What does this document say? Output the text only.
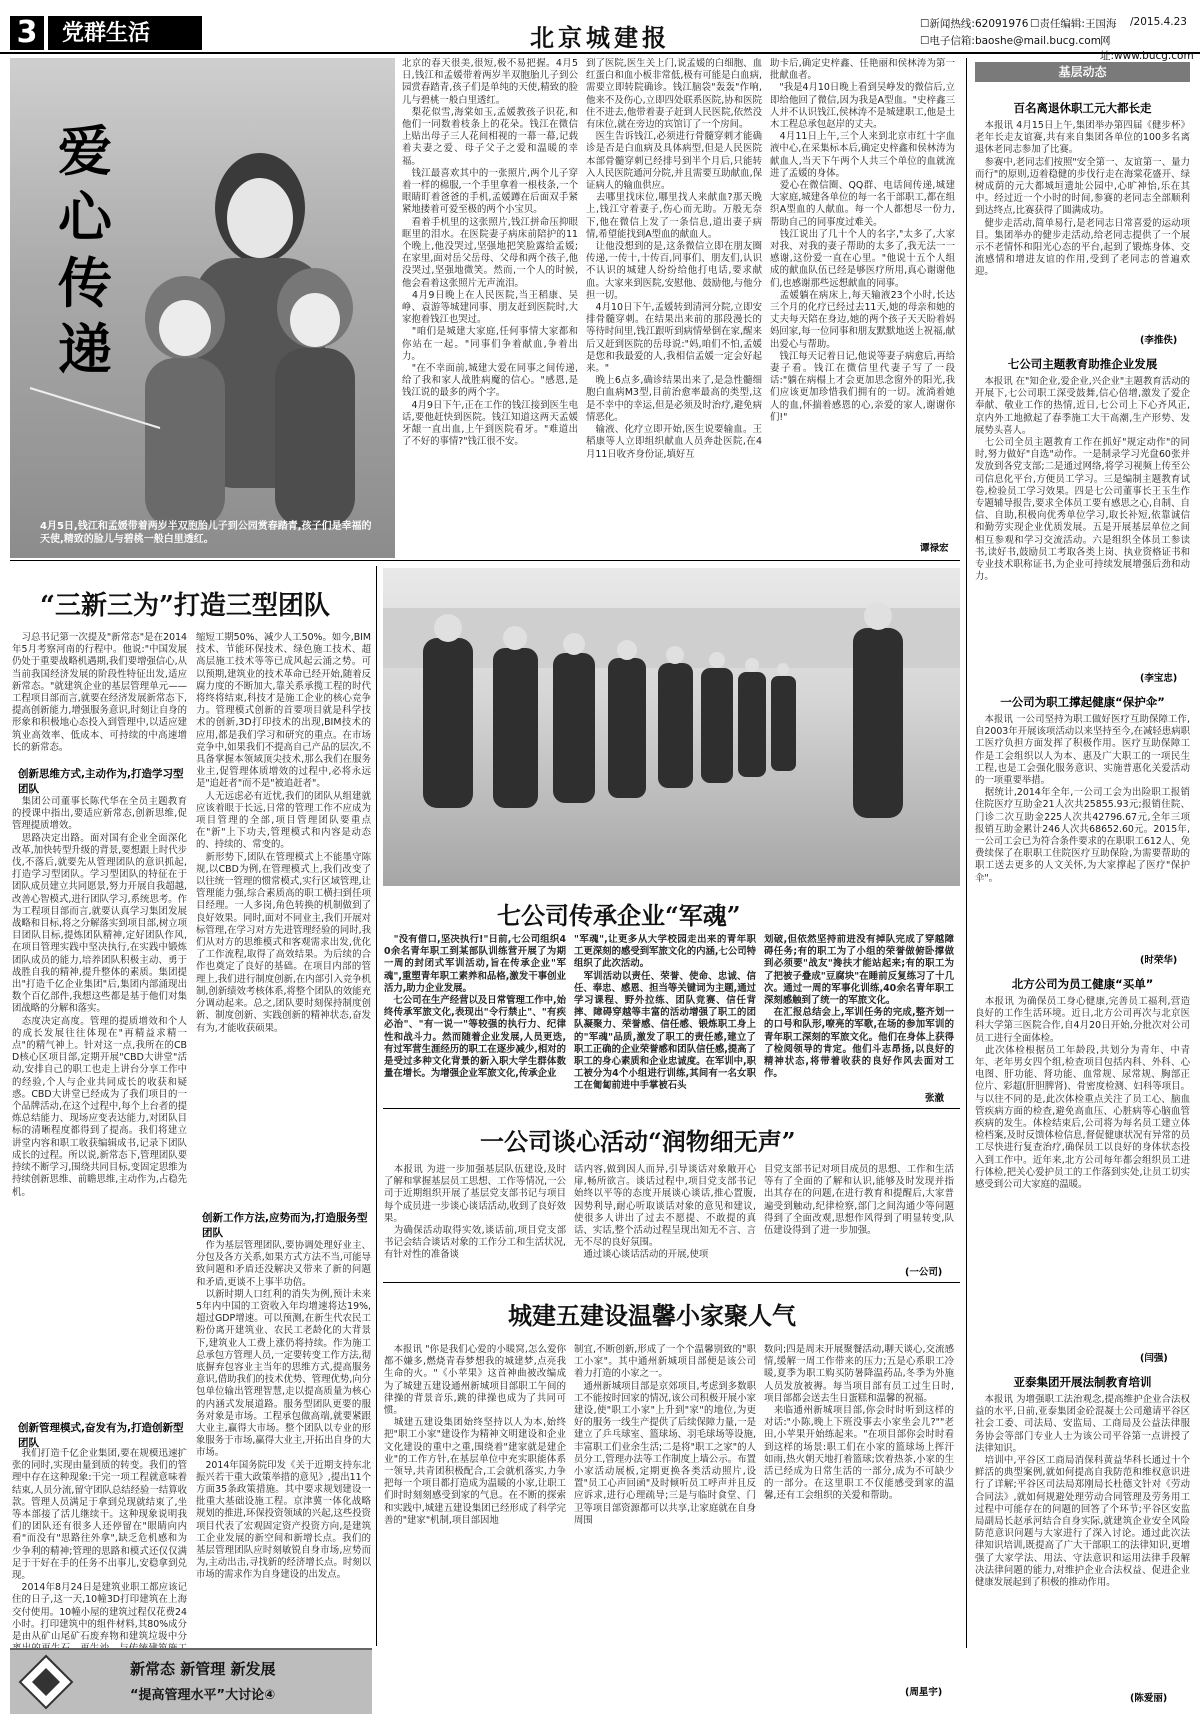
3	党群生活	北京城建报	☐新闻热线:62091976 ☐责任编辑:王国海 /2015.4.23
☐电子信箱:baoshe@mail.bucg.com 网址:www.bucg.com
爱
心
传
递
4月5日,钱江和孟媛带着两岁半双胞胎儿子到公园赏春踏青,孩子们是幸福的天使,精致的脸儿与碧桃一般白里透红。
北京的春天很美,很短,极不易把握。4月5日,钱江和孟媛带着两岁半双胞胎儿子到公园赏春踏青,孩子们是单纯的天使,精致的脸儿与碧桃一般白里透红。
　梨花似雪,海棠如玉,孟媛教孩子识花,和他们一同数着枝条上的花朵。钱江在微信上贴出母子三人花间相视的一幕一幕,记载着夫妻之爱、母子父子之爱和温暖的幸福。
　钱江最喜欢其中的一张照片,两个儿子穿着一样的棉服,一个手里拿着一根枝条,一个眼睛盯着爸爸的手机,孟媛蹲在后面双手紧紧地搂着可爱至极的两个小宝贝。
　看着手机里的这张照片,钱江拼命压抑眼眶里的泪水。在医院妻子病床前陪护的11个晚上,他没哭过,坚强地把笑脸露给孟媛;在家里,面对岳父岳母、父母和两个孩子,他没哭过,坚强地微笑。然而,一个人的时候,他会看着这张照片无声流泪。
　4月9日晚上在人民医院,当王稻康、吴峥、袁游等城建同事、朋友赶到医院时,大家抱着钱江也哭过。
　"咱们是城建大家庭,任何事情大家都和你站在一起。"同事们争着献血,争着出力。
　"在不幸面前,城建大爱在同事之间传递,给了我和家人战胜病魔的信心。"感恩,是钱江说的最多的两个字。
　4月9日下午,正在工作的钱江接到医生电话,要他赶快到医院。钱江知道这两天孟媛牙龈一直出血,上午到医院看牙。"难道出了不好的事情?"钱江很不安。
到了医院,医生关上门,说孟媛的白细胞、血红蛋白和血小板非常低,极有可能是白血病,需要立即转院确诊。钱江脑袋"轰轰"作响,他来不及伤心,立即四处联系医院,协和医院住不进去,他带着妻子赶到人民医院,依然没有床位,就在旁边的宾馆订了一个房间。
　医生告诉钱江,必须进行骨髓穿刺才能确诊是否是白血病及具体病型,但是人民医院本部骨髓穿刺已经排号到半个月后,只能转入人民医院通河分院,并且需要互助献血,保证病人的输血供应。
　去哪里找床位,哪里找人来献血?那天晚上,钱江守着妻子,伤心而无助。万般无奈下,他在微信上发了一条信息,道出妻子病情,希望能找到A型血的献血人。
　让他没想到的是,这条微信立即在朋友圈传递,一传十,十传百,同事们、朋友们,认识不认识的城建人纷纷给他打电话,要求献血。大家来到医院,安慰他、鼓励他,与他分担一切。
　4月10日下午,孟媛转到清河分院,立即安排骨髓穿刺。在结果出来前的那段漫长的等待时间里,钱江跟听到病情晕倒在家,醒来后又赶到医院的岳母说:"妈,咱们不怕,孟媛是您和我最爱的人,我相信孟媛一定会好起来。"
　晚上6点多,确诊结果出来了,是急性髓细胞白血病M3型,目前治愈率最高的类型,这是不幸中的幸运,但是必须及时治疗,避免病情恶化。
　输液、化疗立即开始,医生说要输血。王稻康等人立即组织献血人员奔赴医院,在4月11日收齐身份证,填好互
助卡后,确定史梓鑫、任艳丽和侯林涛为第一批献血者。
　"我是4月10日晚上看到吴峥发的微信后,立即给他回了微信,因为我是A型血。"史梓鑫三人并不认识钱江,侯林涛不是城建职工,他是土木工程总承包赵岸的丈夫。
　4月11日上午,三个人来到北京市红十字血液中心,在采集标本后,确定史梓鑫和侯林涛为献血人,当天下午两个人共三个单位的血就流进了孟媛的身体。
　爱心在微信圈、QQ群、电话间传递,城建大家庭,城建各单位的每一名干部职工,都在组织A型血的人献血。每一个人都想尽一份力,帮助自己的同事度过难关。
　钱江说出了几十个人的名字,"太多了,大家对我、对我的妻子帮助的太多了,我无法一一感谢,这份爱一直在心里。"他说十五个人组成的献血队伍已经是够医疗所用,真心谢谢他们,也感谢那些远想献血的同事。
　孟媛躺在病床上,每天输液23个小时,长达三个月的化疗已经过去11天,她的母亲和她的丈夫每天陪在身边,她的两个孩子天天盼着妈妈回家,每一位同事和朋友默默地送上祝福,献出爱心与帮助。
　钱江每天记着日记,他说等妻子病愈后,再给妻子看。钱江在微信里代妻子写了一段话:"躺在病榻上才会更加思念窗外的阳光,我们应该更加珍惜我们拥有的一切。流淌着她人的血,怀揣着感恩的心,亲爱的家人,谢谢你们!"
谭禄宏
基层动态
百名离退休职工元大都长走
　本报讯 4月15日上午,集团举办第四届《健步杯》老年长走友谊赛,共有来自集团各单位的100多名离退休老同志参加了比赛。
　参赛中,老同志们按照"安全第一、友谊第一、量力而行"的原则,迈着稳健的步伐行走在海棠花盛开、绿树成荫的元大都城垣遗址公园中,心旷神怡,乐在其中。经过近一个小时的时间,参赛的老同志全部顺利到达终点,比赛获得了圆满成功。
　健步走活动,简单易行,是老同志日常喜爱的运动项目。集团举办的健步走活动,给老同志提供了一个展示不老情怀和阳光心态的平台,起到了锻炼身体、交流感情和增进友谊的作用,受到了老同志的普遍欢迎。
(李推佚)
七公司主题教育助推企业发展
　本报讯 在"知企业,爱企业,兴企业"主题教育活动的开展下,七公司职工深受鼓舞,信心倍增,激发了爱企奉献、敬业工作的热情,近日,七公司上下心齐风正,京内外工地掀起了春季施工大干高潮,生产形势、发展势头喜人。
　七公司全员主题教育工作在抓好"规定动作"的同时,努力做好"自选"动作。一是制录学习光盘60张并发放到各党支部;二是通过网络,将学习视频上传至公司信息化平台,方便员工学习。三是编制主题教育试卷,检验员工学习效果。四是七公司董事长王玉生作专题辅导报告,要求全体员工要有感思之心,自制、自信、自助,积极向优秀单位学习,取长补短,依靠诚信和勤劳实现企业优质发展。五是开展基层单位之间相互参观和学习交流活动。六是组织全体员工参读书,读好书,鼓励员工考取各类上岗、执业资格证书和专业技术职称证书,为企业可持续发展增强后劲和动力。
(李宝忠)
一公司为职工撑起健康“保护伞”
　本报讯 一公司坚持为职工做好医疗互助保障工作,自2003年开展该项活动以来坚持至今,在减轻患病职工医疗负担方面发挥了积极作用。医疗互助保障工作是工会组织以人为本、惠及广大职工的一项民生工程,也是工会强化服务意识、实施普惠化关爱活动的一项重要举措。
　据统计,2014年全年,一公司工会为出险职工报销住院医疗互助金21人次共25855.93元;报销住院、门诊二次互助金225人次共42796.67元,全年三项报销互助金累计246人次共68652.60元。2015年,一公司工会已为符合条件要求的在职职工612人、免费续保了在职职工住院医疗互助保险,为需要帮助的职工送去更多的人文关怀,为大家撑起了医疗"保护伞"。
(时荣华)
北方公司为员工健康“买单”
　本报讯 为确保员工身心健康,完善员工福利,营造良好的工作生活环境。近日,北方公司再次与北京医科大学第三医院合作,自4月20日开始,分批次对公司员工进行全面体检。
　此次体检根据员工年龄段,共划分为青年、中青年、老年男女四个组,检查项目包括内科、外科、心电图、肝功能、肾功能、血常规、尿常规、胸部正位片、彩超(肝胆脾肾)、骨密度检测、妇科等项目。与以往不同的是,此次体检重点关注了员工心、脑血管疾病方面的检查,避免高血压、心脏病等心脑血管疾病的发生。体检结束后,公司将为每名员工建立体检档案,及时反馈体检信息,督促健康状况有异常的员工尽快进行复查治疗,确保员工以良好的身体状态投入到工作中。近年来,北方公司每年都会组织员工进行体检,把关心爱护员工的工作落到实处,让员工切实感受到公司大家庭的温暖。
(闫强)
亚泰集团开展法制教育培训
　本报讯 为增强职工法治观念,提高维护企业合法权益的水平,日前,亚泰集团金砼混凝土公司邀请平谷区社会工委、司法局、安监局、工商局及公益法律服务协会等部门专业人士为该公司平谷第一点讲授了法律知识。
　培训中,平谷区工商局消保科黄益华科长通过十个鲜活的典型案例,就如何提高自我防范和维权意识进行了详解;平谷区司法局郑刚局长杜德文针对《劳动合同法》,就如何规避处理劳动合同管理及劳务用工过程中可能存在的问题的回答了个环节;平谷区安监局副局长赵承河结合自身实际,就建筑企业安全风险防范意识问题与大家进行了深入讨论。通过此次法律知识培训,既提高了广大干部职工的法律知识,更增强了大家学法、用法、守法意识和运用法律手段解决法律问题的能力,对维护企业合法权益、促进企业健康发展起到了积极的推动作用。
(陈爱丽)
“三新三为”打造三型团队
　习总书记第一次提及"新常态"是在2014年5月考察河南的行程中。他说:"中国发展仍处于重要战略机遇期,我们要增强信心,从当前我国经济发展的阶段性特征出发,适应新常态。"就建筑企业的基层管理单元——工程项目部而言,就要在经济发展新常态下,提高创新能力,增强服务意识,时刻让自身的形象和积极地心态投入到管理中,以适应建筑业高效率、低成本、可持续的中高速增长的新常态。
创新思维方式,主动作为,打造学习型团队
　集团公司董事长陈代华在全员主题教育的授课中指出,要适应新常态,创新思维,促管理提质增效。
　思路决定出路。面对国有企业全面深化改革,加快转型升级的背景,要想跟上时代步伐,不落后,就要先从管理团队的意识抓起,打造学习型团队。学习型团队的特征在于团队成员建立共同愿景,努力开展自我超越,改善心智模式,进行团队学习,系统思考。作为工程项目部而言,就要认真学习集团发展战略和目标,将之分解落实到项目部,树立项目团队目标,提炼团队精神,定好团队作风,在项目管理实践中坚决执行,在实践中锻炼团队成员的能力,培养团队积极主动、勇于战胜自我的精神,提升整体的素质。集团提出"打造千亿企业集团"后,集团内部涌现出数个百亿部件,我想这些都是基于他们对集团战略的分解和落实。
　态度决定高度。管理的提质增效和个人的成长发展往往体现在"再精益求精一点"的精气神上。针对这一点,我所在的CBD核心区项目部,定期开展"CBD大讲堂"活动,安排自己的职工也走上讲台分享工作中的经验,个人与企业共同成长的收获和疑惑。CBD大讲堂已经成为了我们项目的一个品牌活动,在这个过程中,每个上台者的提炼总结能力、现场应变表达能力,对团队目标的清晰程度都得到了提高。我们将建立讲堂内容和职工收获编辑成书,记录下团队成长的过程。所以说,新常态下,管理团队要持续不断学习,围绕共同目标,变固定思维为持续创新思维、前瞻思维,主动作为,占稳先机。
创新管理模式,奋发有为,打造创新型团队
　我们打造千亿企业集团,要在规模迅速扩张的同时,实现由量到质的转变。我们的管理中存在这种现象:干完一项工程就意味着结束,人员分流,留守团队总结经验一结算收款。管理人员满足于拿到兑现就结束了,坐等本部接了活儿继续干。这种现象说明我们的团队还有很多人还停留在"眼睛向内看"而没有"思路往外拿",缺乏危机感和为少争利的精神;管理的思路和模式还仅仅满足于干好在手的任务不出事儿,安稳拿到兑现。
　2014年8月24日是建筑业职工都应该记住的日子,这一天,10幢3D打印建筑在上海交付使用。10幢小屋的建筑过程仅花费24小时。打印建筑中的组件材料,其80%成分是由从矿山尾矿石废弃物和建筑垃圾中分
缩短工期50%、减少人工50%。如今,BIM技术、节能环保技术、绿色施工技术、超高层施工技术等等已成风起云涌之势。可以预期,建筑业的技术革命已经开始,随着反腐力度的不断加大,靠关系承揽工程的时代将终将结束,科技才是施工企业的核心竞争力。管理模式创新的首要项目就是科学技术的创新,3D打印技术的出现,BIM技术的应用,都是我们学习和研究的重点。在市场竞争中,如果我们不提高自己产品的层次,不具备掌握本领域顶尖技术,那么我们在服务业主,促管理体质增效的过程中,必将永远是"追赶者"而不是"被追赶者"。
　人无远虑必有近忧,我们的团队从组建就应该着眼于长远,日常的管理工作不应成为项目管理的全部,项目管理团队要重点在"新"上下功夫,管理模式和内容是动态的、持续的、常变的。
　新形势下,团队在管理模式上不能墨守陈规,以CBD为例,在管理模式上,我们改变了以往统一管理的惯常模式,实行区域管理,让管理能力强,综合素质高的职工横扫到任项目经理。一人多岗,角色转换的机制做到了良好效果。同时,面对不同业主,我们开展对标管理,在学习对方先进管理经验的同时,我们从对方的思维模式和客观需求出发,优化了工作流程,取得了高效结果。为后续的合作也奠定了良好的基础。在项目内部的管理上,我们进行制度创新,在内部引入竞争机制,创新绩效考核体系,将整个团队的效能充分调动起来。总之,团队要时刻保持制度创新、制度创新、实践创新的精神状态,奋发有为,才能收获硕果。
创新工作方法,应势而为,打造服务型团队
　作为基层管理团队,要协调处理好业主、分包及各方关系,如果方式方法不当,可能导致问题和矛盾还没解决又带来了新的问题和矛盾,更谈不上事半功倍。
　以新时期人口红利的消失为例,预计未来5年内中国的工资收入年均增速将达19%,超过GDP增速。可以预测,在新生代农民工粉份离开建筑业、农民工老龄化的大背景下,建筑业人工费上涨仍将持续。作为施工总承包方管理人员,一定要转变工作方法,彻底摒弃包容业主当年的思维方式,提高服务意识,借助我们的技术优势、管理优势,向分包单位输出管理智慧,走以提高质量为核心的内涵式发展道路。服务型团队更要的服务对象是市场。工程承包做高端,就要紧跟大业主,赢得大市场。整个团队以专业的形象服务于市场,赢得大业主,开拓出自身的大市场。
　2014年国务院印发《关于近期支持东北振兴若干重大政策举措的意见》,提出11个方面35条政策措施。其中要求规划建设一批重大基础设施工程。京津冀一体化战略规划的推进,环保投资领域的兴起,这些投资项目代表了宏观固定资产投资方向,是建筑工企业发展的新空间和新增长点。我们的基层管理团队应时刻敏锐自身市场,应势而为,主动出击,寻找新的经济增长点。时刻以市场的需求作为自身建设的出发点。
七公司传承企业“军魂”
　"没有借口,坚决执行!"日前,七公司组织40余名青年职工到某部队训练营开展了为期一周的封闭式军训活动,旨在传承企业"军魂",重塑青年职工素养和品格,激发干事创业活力,助力企业发展。
　七公司在生产经营以及日常管理工作中,始终传承军旅文化,表现出"令行禁止"、"有疾必治"、"有一说一"等较强的执行力、纪律性和战斗力。然而随着企业发展,人员更迭,有过军营生涯经历的职工在逐步减少,相对的是受过多种文化背景的新入职大学生群体数量在增长。为增强企业军旅文化,传承企业
"军魂",让更多从大学校园走出来的青年职工更深刻的感受到军旅文化的内涵,七公司特组织了此次活动。
　军训活动以责任、荣誉、使命、忠诚、信任、奉忠、感恩、担当等关键词为主题,通过学习课程、野外拉练、团队竞赛、信任背摔、障碍穿越等丰富的活动增强了职工的团队凝聚力、荣誉感、信任感、锻炼职工身上的"军魂"品质,激发了职工的责任感,建立了职工正确的企业荣誉感和团队信任感,提高了职工的身心素质和企业忠诚度。在军训中,职工被分为4个小组进行训练,其间有一名女职工在匍匐前进中手掌被石头
划破,但依然坚持前进没有掉队完成了穿越障碍任务;有的职工为了小组的荣誉做俯卧撑做到必须要"战友"搀扶才能站起来;有的职工为了把被子叠成"豆腐块"在睡前反复练习了十几次。通过一周的军事化训练,40余名青年职工深刻感触到了统一的军旅文化。
　在汇报总结会上,军训任务的完成,整齐划一的口号和队形,嘹亮的军歌,在场的参加军训的青年职工深刻的军旅文化。他们在身体上获得了检阅领导的肯定。他们斗志昂扬,以良好的精神状态,将带着收获的良好作风去面对工作。
张澈
一公司谈心活动“润物细无声”
　本报讯 为进一步加强基层队伍建设,及时了解和掌握基层员工思想、工作等情况,一公司于近期组织开展了基层党支部书记与项目每个成员进一步谈心谈话活动,收到了良好效果。
　为确保活动取得实效,谈话前,项目党支部书记会结合谈话对象的工作分工和生活状况,有针对性的准备谈
话内容,做到因人而异,引导谈话对象敞开心扉,畅所欲言。谈话过程中,项目党支部书记始终以平等的态度开展谈心谈话,推心置腹,因势利导,耐心听取谈话对象的意见和建议,使很多人讲出了过去不愿提、不敢提的真话、实话,整个活动过程呈现出知无不言、言无不尽的良好氛围。
　通过谈心谈话活动的开展,使项
目党支部书记对项目成员的思想、工作和生活等有了全面的了解和认识,能够及时发现并指出其存在的问题,在进行教育和提醒后,大家普遍受到触动,纪律检察,部门之间沟通少等问题得到了全面改观,思想作风得到了明显转变,队伍建设得到了进一步加强。
(一公司)
城建五建设温馨小家聚人气
　本报讯 "你是我们心爱的小暖窝,怎么爱你都不嫌多,燃烧青春梦想我的城建梦,点亮我生命的火。"《小苹果》这首神曲被改编成为了城建五建设通州新城项目部职工午间的律操的背景音乐,跳的律操也成为了共同可惯。
　城建五建设集团始终坚持以人为本,始终把"职工小家"建设作为精神文明建设和企业文化建设的重中之重,围绕着"建家就是建企业"的工作方针,在基层单位中充实职能体系一领导,共青团积极配合,工会就机落实,力争把每一个项目都打造成为温暖的小家,让职工们时时刻刻感受到家的气息。在不断的探索和实践中,城建五建设集团已经形成了科学完善的"建家"机制,项目部因地
制宜,不断创新,形成了一个个温馨别致的"职工小家"。其中通州新城项目部便是该公司着力打造的小家之一。
　通州新城项目部是京郊项目,考虑到多数职工不能按时回家的情况,该公司积极开展小家建设,使"职工小家"上升到"家"的地位,为更好的服务一线生产提供了后续保障力量,一是建立了乒乓球室、篮球场、羽毛球场等设施,丰富职工们业余生活;二是将"职工之家"的人员分工,管理办法等工作制度上墙公示。布置小家活动展板,定期更换各类活动照片,设置"员工心声回函"及时倾听员工呼声并且反应诉求,进行心理疏导;三是与临时食堂、门卫等项目部资源都可以共享,让家庭就在自身周围
数问;四是周末开展聚餐活动,聊天谈心,交流感情,缓解一周工作带来的压力;五是心系职工冷暖,夏季为职工购买防暑降温药品,冬季为外施人员发放被褥。每当项目部有员工过生日时,项目部都会送去生日蛋糕和温馨的祝福。
　来临通州新城项目部,你会时时听到这样的对话:"小陈,晚上下班没事去小家坐会儿?""老田,小苹果开始练起来。"在项目部你会时时看到这样的场景:职工们在小家的篮球场上挥汗如雨,热火朝天地打着篮球;饮着热茶,小家的生活已经成为日常生活的一部分,成为不可缺少的一部分。在这里职工不仅能感受到家的温馨,还有工会组织的关爱和帮助。
(周星宇)
新常态 新管理 新发展
“提高管理水平”大讨论④
